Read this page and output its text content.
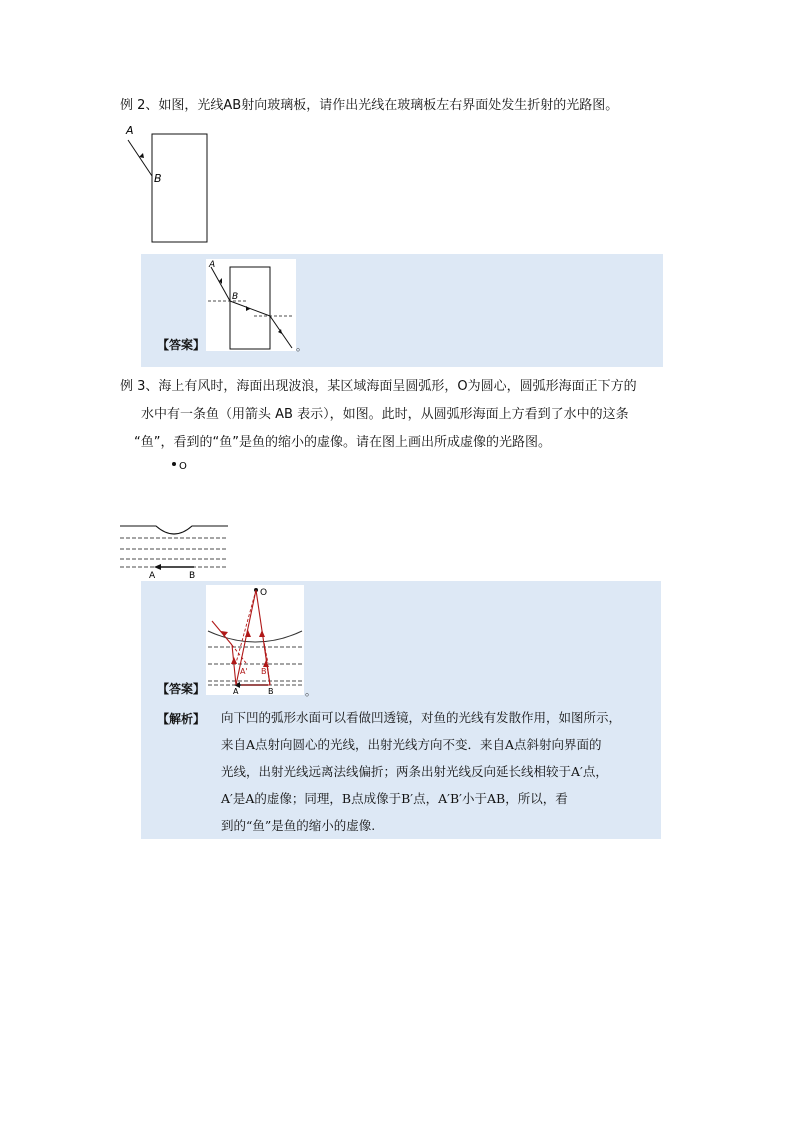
例 2、如图，光线AB射向玻璃板，请作出光线在玻璃板左右界面处发生折射的光路图。
A
B
【答案】
A
B
。
例 3、海上有风时，海面出现波浪，某区域海面呈圆弧形，O为圆心，圆弧形海面正下方的
水中有一条鱼（用箭头 AB 表示），如图。此时，从圆弧形海面上方看到了水中的这条
“鱼”，看到的“鱼”是鱼的缩小的虚像。请在图上画出所成虚像的光路图。
O
A	B
【答案】
O
A' B'
A	B	。
【解析】 向下凹的弧形水面可以看做凹透镜，对鱼的光线有发散作用，如图所示，
来自A点射向圆心的光线，出射光线方向不变．来自A点斜射向界面的
光线，出射光线远离法线偏折；两条出射光线反向延长线相较于A′点，
A′是A的虚像；同理，B点成像于B′点，A′B′小于AB，所以，看
到的“鱼”是鱼的缩小的虚像.
